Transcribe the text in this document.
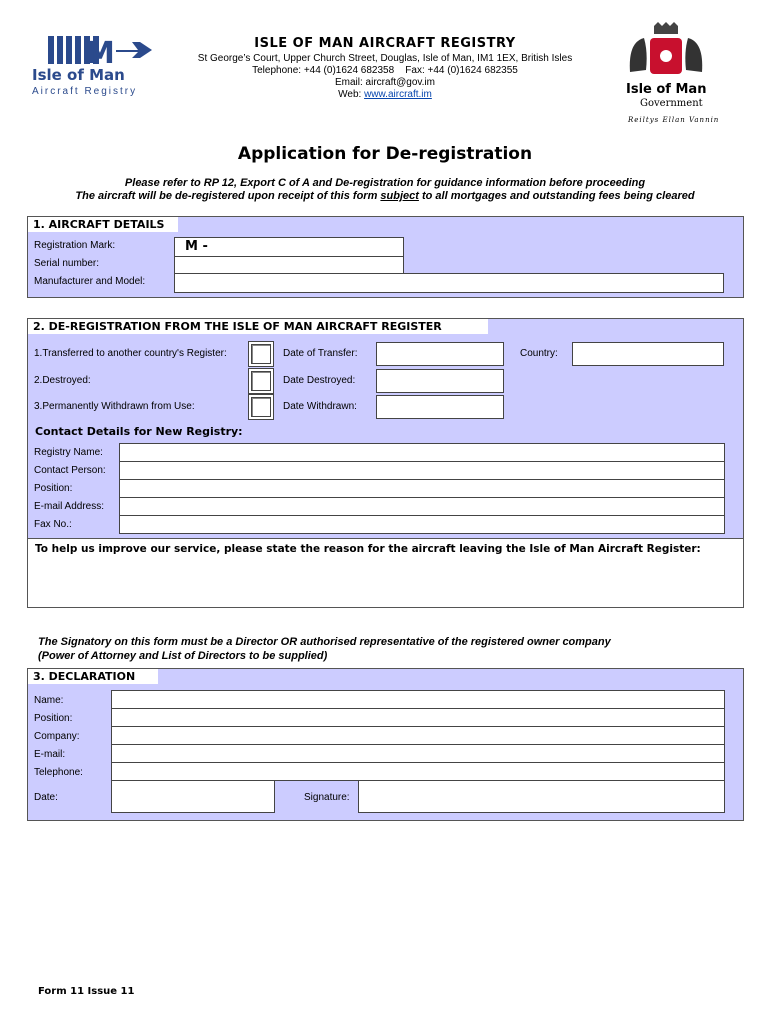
M
Isle of Man
Aircraft Registry
ISLE OF MAN AIRCRAFT REGISTRY
St George’s Court, Upper Church Street, Douglas, Isle of Man, IM1 1EX, British Isles
Telephone: +44 (0)1624 682358    Fax: +44 (0)1624 682355
Email: aircraft@gov.im
Web: www.aircraft.im	Isle of Man
Government
Reiltys Ellan Vannin
Application for De-registration
Please refer to RP 12, Export C of A and De-registration for guidance information before proceeding
The aircraft will be de-registered upon receipt of this form subject to all mortgages and outstanding fees being cleared
1. AIRCRAFT DETAILS
Registration Mark:	M -
Serial number:
Manufacturer and Model:
2. DE-REGISTRATION FROM THE ISLE OF MAN AIRCRAFT REGISTER
1.Transferred to another country's Register:	Date of Transfer:	Country:
2.Destroyed:	Date Destroyed:
3.Permanently Withdrawn from Use:	Date Withdrawn:
Contact Details for New Registry:
Registry Name:
Contact Person:
Position:
E-mail Address:
Fax No.:
To help us improve our service, please state the reason for the aircraft leaving the Isle of Man Aircraft Register:
The Signatory on this form must be a Director OR authorised representative of the registered owner company
(Power of Attorney and List of Directors to be supplied)
3. DECLARATION
Name:
Position:
Company:
E-mail:
Telephone:
Date:	Signature:
Form 11 Issue 11
